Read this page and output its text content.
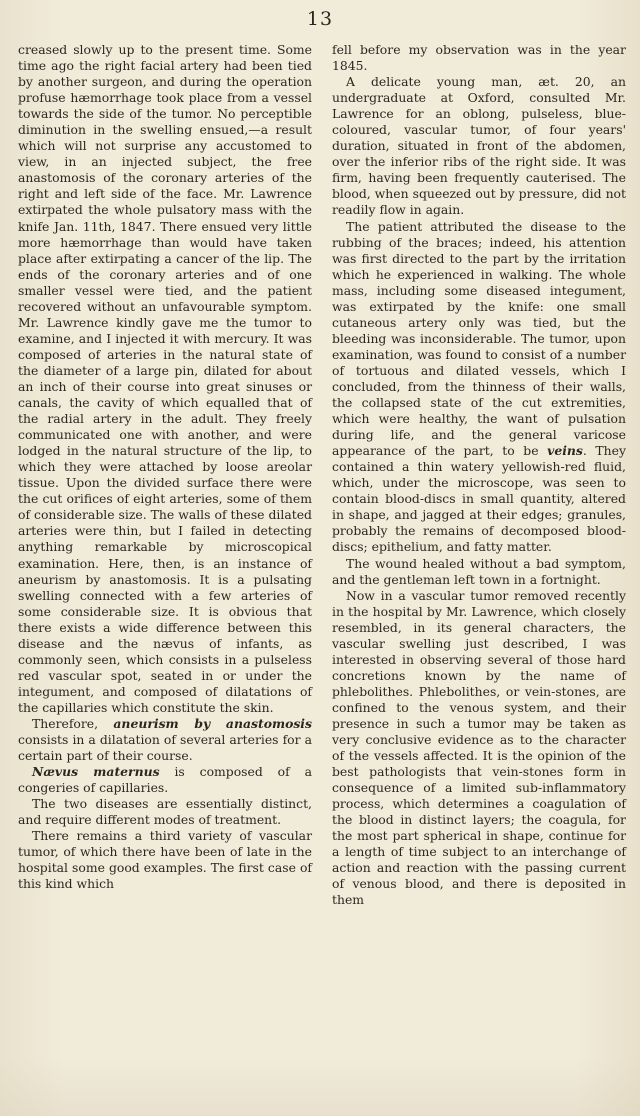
13

creased slowly up to the present time. Some time ago the right facial artery had been tied by another surgeon, and during the operation profuse hæmorrhage took place from a vessel towards the side of the tumor. No perceptible diminution in the swelling ensued,—a result which will not surprise any accustomed to view, in an injected subject, the free anastomosis of the coronary arteries of the right and left side of the face. Mr. Lawrence extirpated the whole pulsatory mass with the knife Jan. 11th, 1847. There ensued very little more hæmorrhage than would have taken place after extirpating a cancer of the lip. The ends of the coronary arteries and of one smaller vessel were tied, and the patient recovered without an unfavourable symptom. Mr. Lawrence kindly gave me the tumor to examine, and I injected it with mercury. It was composed of arteries in the natural state of the diameter of a large pin, dilated for about an inch of their course into great sinuses or canals, the cavity of which equalled that of the radial artery in the adult. They freely communicated one with another, and were lodged in the natural structure of the lip, to which they were attached by loose areolar tissue. Upon the divided surface there were the cut orifices of eight arteries, some of them of considerable size. The walls of these dilated arteries were thin, but I failed in detecting anything remarkable by microscopical examination. Here, then, is an instance of aneurism by anastomosis. It is a pulsating swelling connected with a few arteries of some considerable size. It is obvious that there exists a wide difference between this disease and the nævus of infants, as commonly seen, which consists in a pulseless red vascular spot, seated in or under the integument, and composed of dilatations of the capillaries which constitute the skin.

Therefore, aneurism by anastomosis consists in a dilatation of several arteries for a certain part of their course.

Nævus maternus is composed of a congeries of capillaries.

The two diseases are essentially distinct, and require different modes of treatment.

There remains a third variety of vascular tumor, of which there have been of late in the hospital some good examples. The first case of this kind which

fell before my observation was in the year 1845.

A delicate young man, æt. 20, an undergraduate at Oxford, consulted Mr. Lawrence for an oblong, pulseless, blue-coloured, vascular tumor, of four years' duration, situated in front of the abdomen, over the inferior ribs of the right side. It was firm, having been frequently cauterised. The blood, when squeezed out by pressure, did not readily flow in again.

The patient attributed the disease to the rubbing of the braces; indeed, his attention was first directed to the part by the irritation which he experienced in walking. The whole mass, including some diseased integument, was extirpated by the knife: one small cutaneous artery only was tied, but the bleeding was inconsiderable. The tumor, upon examination, was found to consist of a number of tortuous and dilated vessels, which I concluded, from the thinness of their walls, the collapsed state of the cut extremities, which were healthy, the want of pulsation during life, and the general varicose appearance of the part, to be veins. They contained a thin watery yellowish-red fluid, which, under the microscope, was seen to contain blood-discs in small quantity, altered in shape, and jagged at their edges; granules, probably the remains of decomposed blood-discs; epithelium, and fatty matter.

The wound healed without a bad symptom, and the gentleman left town in a fortnight.

Now in a vascular tumor removed recently in the hospital by Mr. Lawrence, which closely resembled, in its general characters, the vascular swelling just described, I was interested in observing several of those hard concretions known by the name of phlebolithes. Phlebolithes, or vein-stones, are confined to the venous system, and their presence in such a tumor may be taken as very conclusive evidence as to the character of the vessels affected. It is the opinion of the best pathologists that vein-stones form in consequence of a limited sub-inflammatory process, which determines a coagulation of the blood in distinct layers; the coagula, for the most part spherical in shape, continue for a length of time subject to an interchange of action and reaction with the passing current of venous blood, and there is deposited in them
